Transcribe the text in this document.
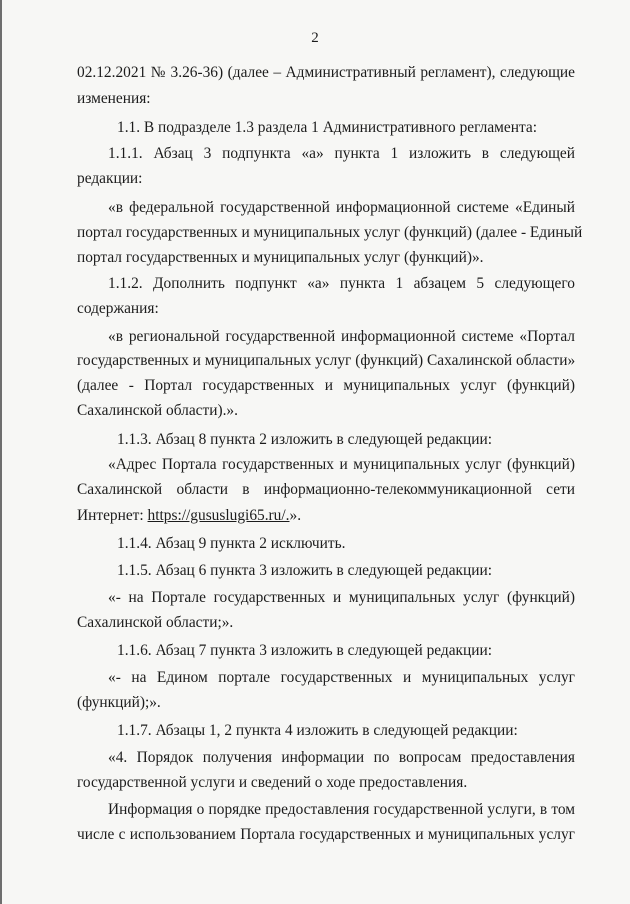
2
02.12.2021 № 3.26-36) (далее – Административный регламент), следующие
изменения:
1.1. В подразделе 1.3 раздела 1 Административного регламента:
1.1.1. Абзац 3 подпункта «а» пункта 1 изложить в следующей
редакции:
«в федеральной государственной информационной системе «Единый
портал государственных и муниципальных услуг (функций) (далее - Единый
портал государственных и муниципальных услуг (функций)».
1.1.2. Дополнить подпункт «а» пункта 1 абзацем 5 следующего
содержания:
«в региональной государственной информационной системе «Портал
государственных и муниципальных услуг (функций) Сахалинской области»
(далее - Портал государственных и муниципальных услуг (функций)
Сахалинской области).».
1.1.3. Абзац 8 пункта 2 изложить в следующей редакции:
«Адрес Портала государственных и муниципальных услуг (функций)
Сахалинской области в информационно-телекоммуникационной сети
Интернет: https://gususlugi65.ru/.».
1.1.4. Абзац 9 пункта 2 исключить.
1.1.5. Абзац 6 пункта 3 изложить в следующей редакции:
«- на Портале государственных и муниципальных услуг (функций)
Сахалинской области;».
1.1.6. Абзац 7 пункта 3 изложить в следующей редакции:
«- на Едином портале государственных и муниципальных услуг
(функций);».
1.1.7. Абзацы 1, 2 пункта 4 изложить в следующей редакции:
«4. Порядок получения информации по вопросам предоставления
государственной услуги и сведений о ходе предоставления.
Информация о порядке предоставления государственной услуги, в том
числе с использованием Портала государственных и муниципальных услуг
